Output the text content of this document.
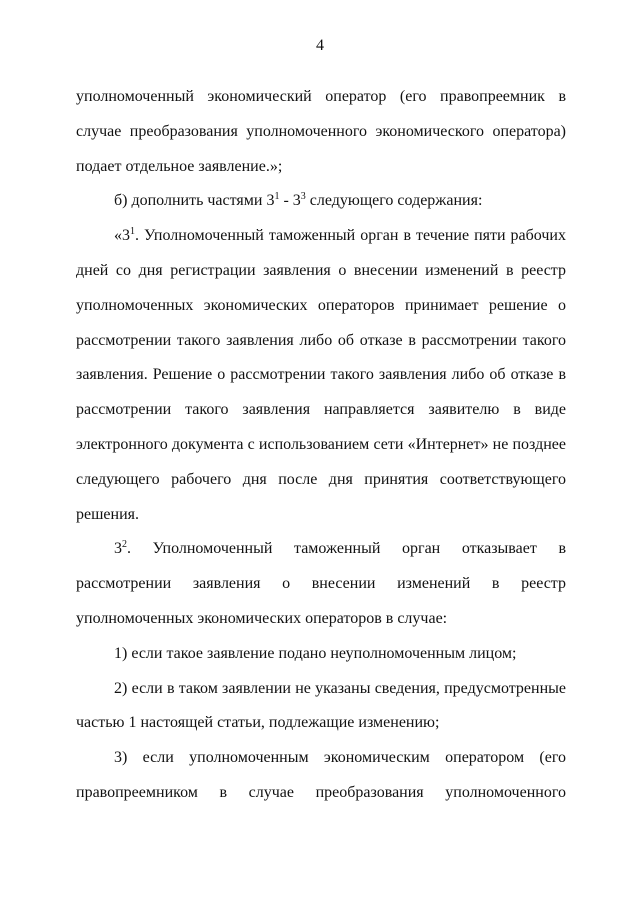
4

уполномоченный экономический оператор (его правопреемник в случае преобразования уполномоченного экономического оператора) подает отдельное заявление.»;

б) дополнить частями $3^1 - 3^3$ следующего содержания:

«$3^1$. Уполномоченный таможенный орган в течение пяти рабочих дней со дня регистрации заявления о внесении изменений в реестр уполномоченных экономических операторов принимает решение о рассмотрении такого заявления либо об отказе в рассмотрении такого заявления. Решение о рассмотрении такого заявления либо об отказе в рассмотрении такого заявления направляется заявителю в виде электронного документа с использованием сети «Интернет» не позднее следующего рабочего дня после дня принятия соответствующего решения.

$3^2$. Уполномоченный таможенный орган отказывает в рассмотрении заявления о внесении изменений в реестр уполномоченных экономических операторов в случае:

1) если такое заявление подано неуполномоченным лицом;

2) если в таком заявлении не указаны сведения, предусмотренные частью 1 настоящей статьи, подлежащие изменению;

3) если уполномоченным экономическим оператором (его правопреемником в случае преобразования уполномоченного
